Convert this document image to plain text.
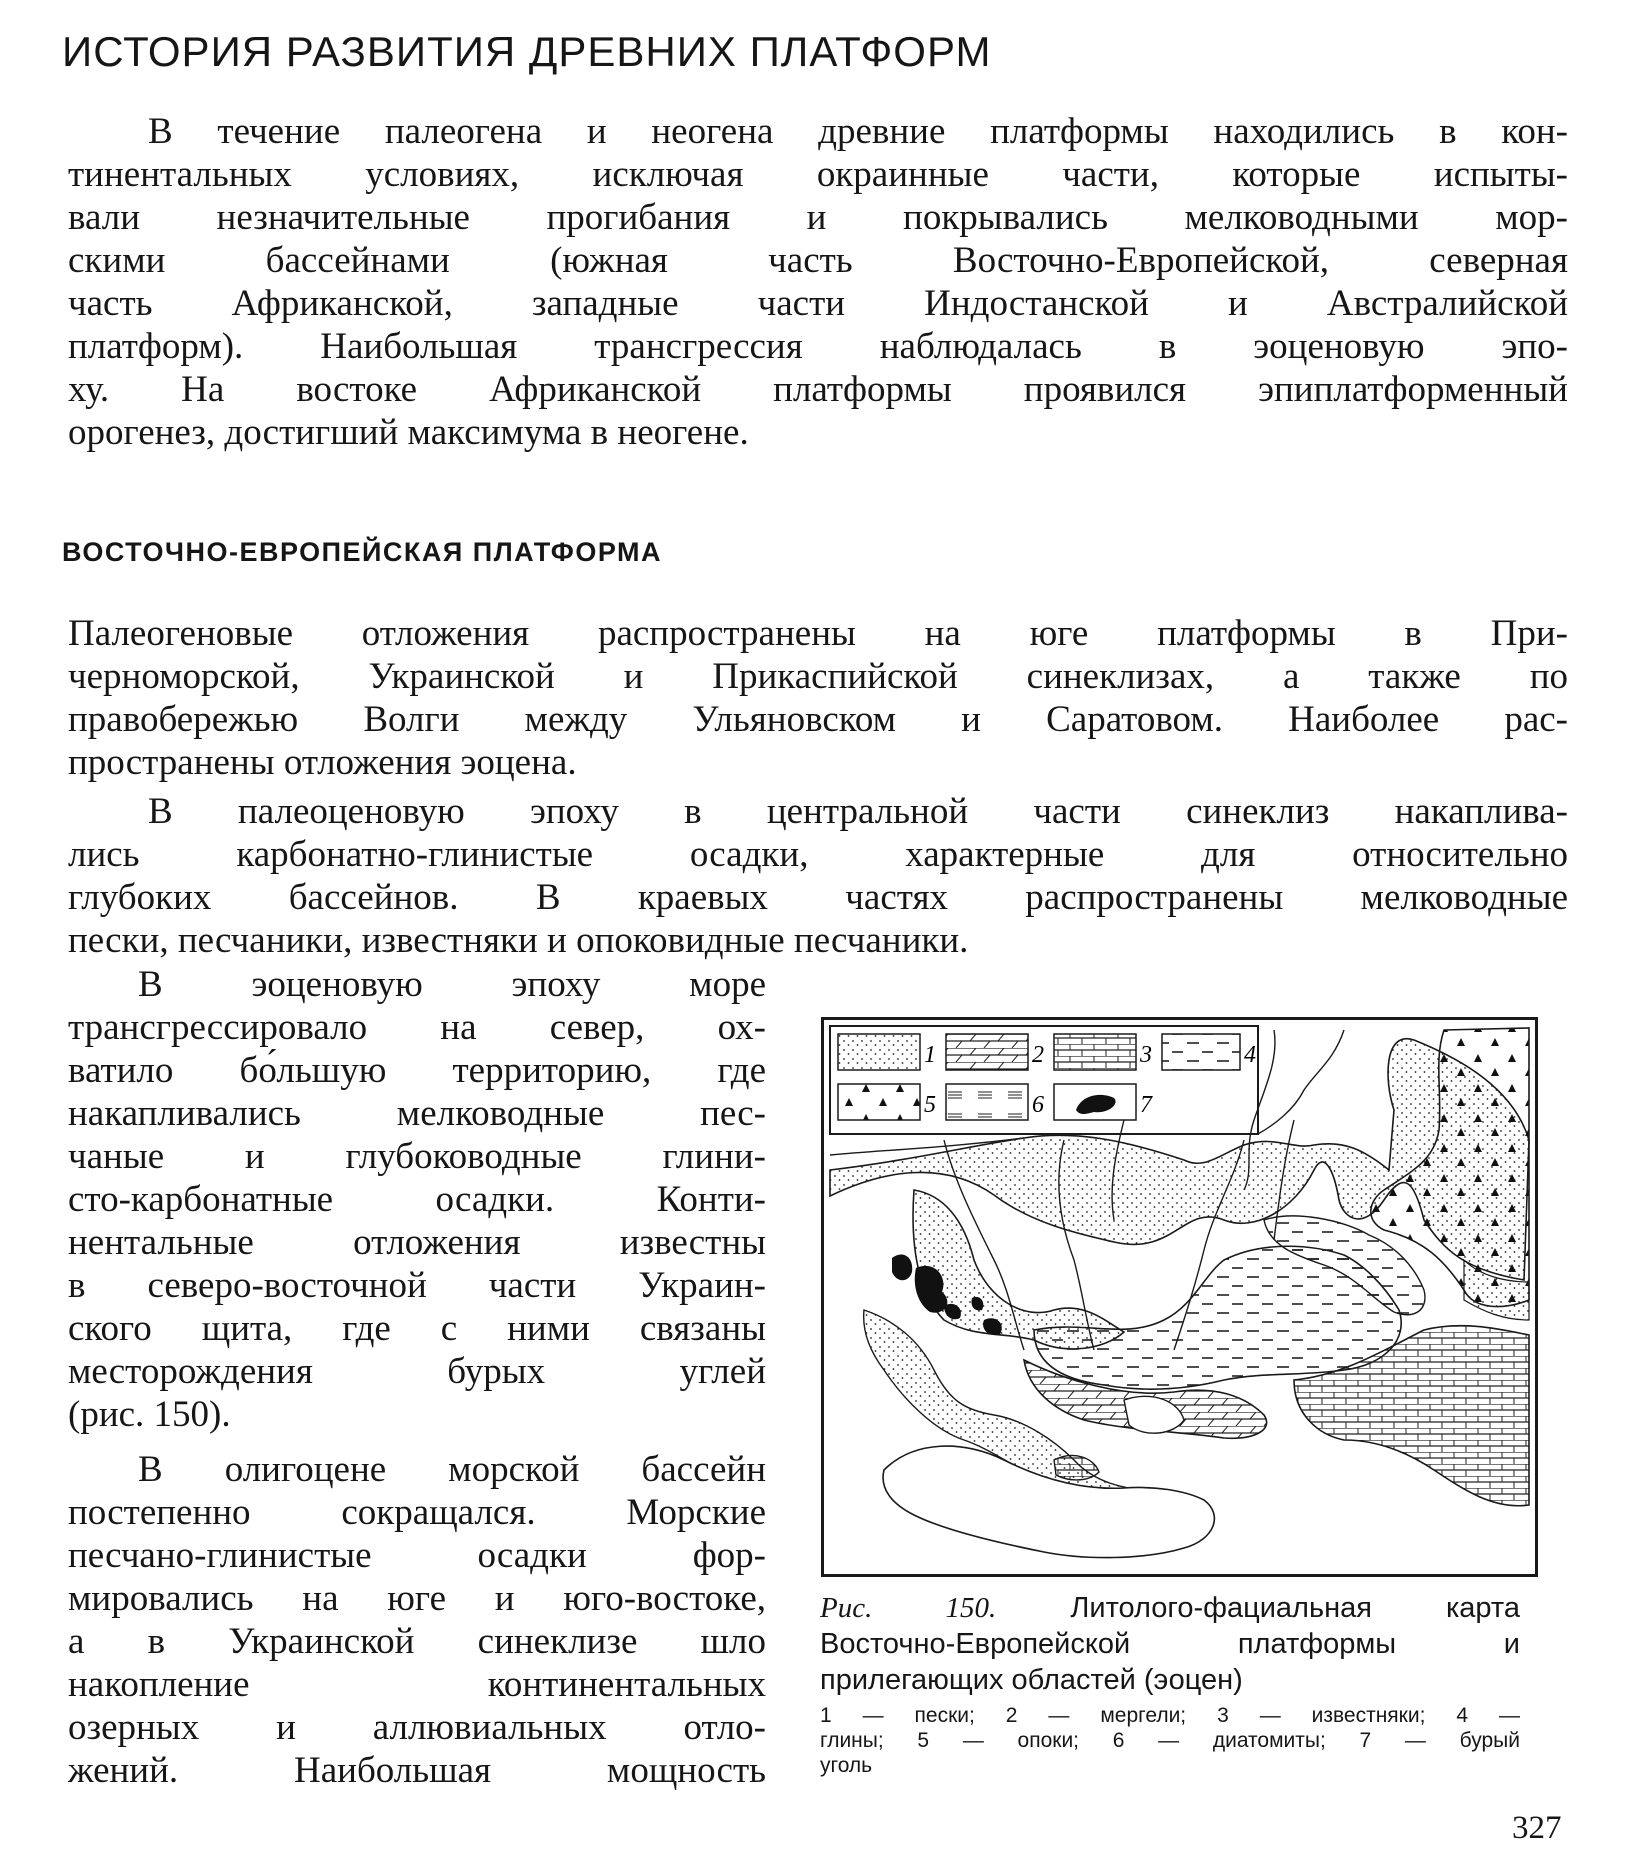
ИСТОРИЯ РАЗВИТИЯ ДРЕВНИХ ПЛАТФОРМ
В течение палеогена и неогена древние платформы находились в кон-
тинентальных условиях, исключая окраинные части, которые испыты-
вали незначительные прогибания и покрывались мелководными мор-
скими бассейнами (южная часть Восточно-Европейской, северная
часть Африканской, западные части Индостанской и Австралийской
платформ). Наибольшая трансгрессия наблюдалась в эоценовую эпо-
ху. На востоке Африканской платформы проявился эпиплатформенный
орогенез, достигший максимума в неогене.
ВОСТОЧНО-ЕВРОПЕЙСКАЯ ПЛАТФОРМА
Палеогеновые отложения распространены на юге платформы в При-
черноморской, Украинской и Прикаспийской синеклизах, а также по
правобережью Волги между Ульяновском и Саратовом. Наиболее рас-
пространены отложения эоцена.
В палеоценовую эпоху в центральной части синеклиз накаплива-
лись карбонатно-глинистые осадки, характерные для относительно
глубоких бассейнов. В краевых частях распространены мелководные
пески, песчаники, известняки и опоковидные песчаники.
В эоценовую эпоху море
трансгрессировало на север, ох-
ватило бо́льшую территорию, где
накапливались мелководные пес-
чаные и глубоководные глини-
сто-карбонатные осадки. Конти-
нентальные отложения известны
в северо-восточной части Украин-
ского щита, где с ними связаны
месторождения бурых углей
(рис. 150).
В олигоцене морской бассейн
постепенно сокращался. Морские
песчано-глинистые осадки фор-
мировались на юге и юго-востоке,
а в Украинской синеклизе шло
накопление континентальных
озерных и аллювиальных отло-
жений. Наибольшая мощность
1	2	3	4
5	6	7
Рис. 150.	Литолого-фациальная карта
Восточно-Европейской платформы и
прилегающих областей (эоцен)
1 — пески; 2 — мергели; 3 — известняки; 4 —
глины; 5 — опоки; 6 — диатомиты; 7 — бурый
уголь
327
